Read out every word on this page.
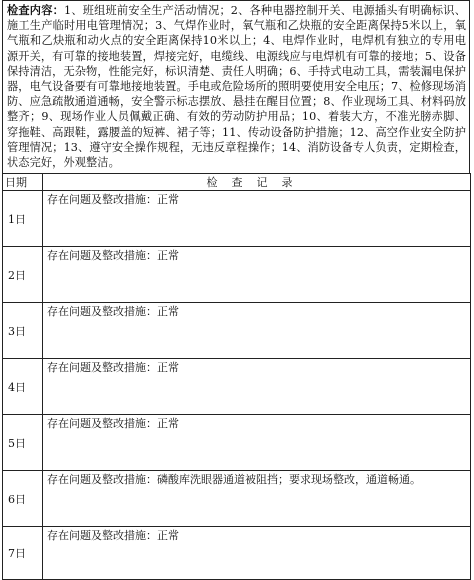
检查内容：1、班组班前安全生产活动情况；2、各种电器控制开关、电源插头有明确标识、施工生产临时用电管理情况；3、气焊作业时，氧气瓶和乙炔瓶的安全距离保持5米以上，氧气瓶和乙炔瓶和动火点的安全距离保持10米以上；4、电焊作业时，电焊机有独立的专用电源开关，有可靠的接地装置，焊接完好，电缆线、电源线应与电焊机有可靠的接地；5、设备保持清洁，无杂物，性能完好，标识清楚、责任人明确；6、手持式电动工具，需装漏电保护器，电气设备要有可靠地接地装置。手电或危险场所的照明要使用安全电压；7、检修现场消防、应急疏散通道通畅，安全警示标志摆放、悬挂在醒目位置；8、作业现场工具、材料码放整齐；9、现场作业人员佩戴正确、有效的劳动防护用品；10、着装大方，不准光膀赤脚、穿拖鞋、高跟鞋，露腰盖的短裤、裙子等；11、传动设备防护措施；12、高空作业安全防护管理情况；13、遵守安全操作规程，无违反章程操作；14、消防设备专人负责，定期检查，状态完好，外观整洁。
日期	检查记录
1日	存在问题及整改措施：正常
2日	存在问题及整改措施：正常
3日	存在问题及整改措施：正常
4日	存在问题及整改措施：正常
5日	存在问题及整改措施：正常
6日	存在问题及整改措施：磷酸库洗眼器通道被阻挡；要求现场整改，通道畅通。
7日	存在问题及整改措施：正常
